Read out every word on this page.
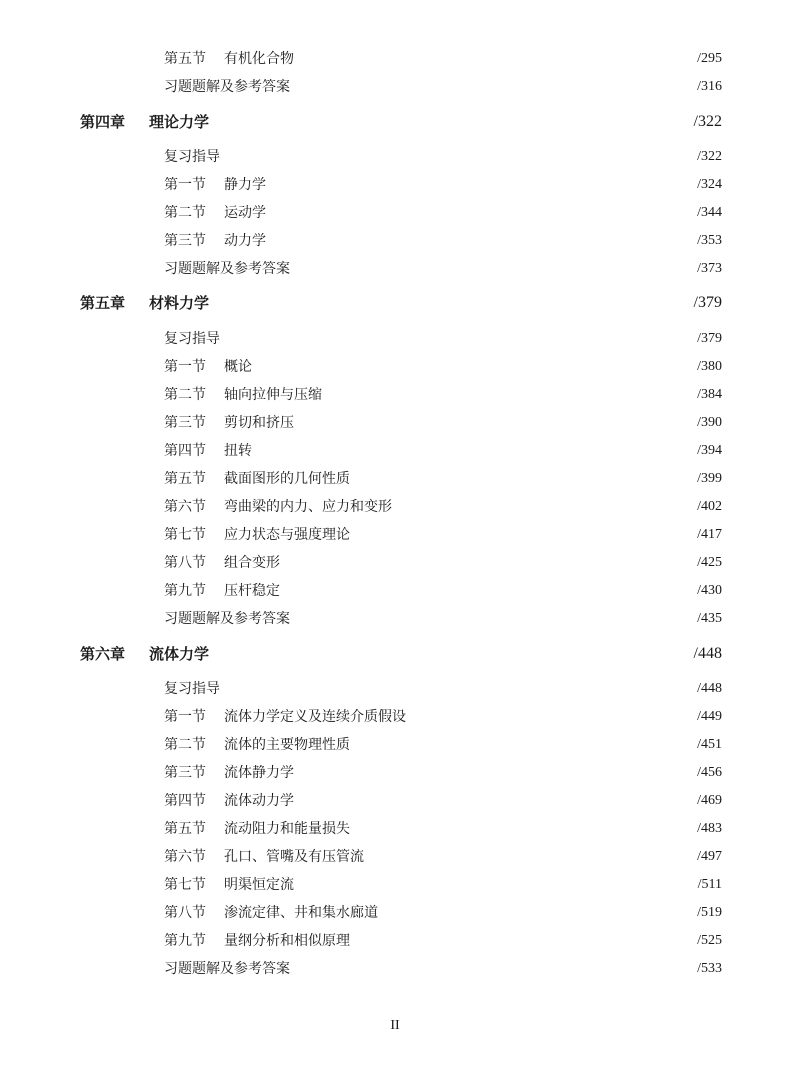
第五节 有机化合物	/295
习题题解及参考答案	/316
第四章 理论力学	/322
复习指导	/322
第一节 静力学	/324
第二节 运动学	/344
第三节 动力学	/353
习题题解及参考答案	/373
第五章 材料力学	/379
复习指导	/379
第一节 概论	/380
第二节 轴向拉伸与压缩	/384
第三节 剪切和挤压	/390
第四节 扭转	/394
第五节 截面图形的几何性质	/399
第六节 弯曲梁的内力、应力和变形	/402
第七节 应力状态与强度理论	/417
第八节 组合变形	/425
第九节 压杆稳定	/430
习题题解及参考答案	/435
第六章 流体力学	/448
复习指导	/448
第一节 流体力学定义及连续介质假设	/449
第二节 流体的主要物理性质	/451
第三节 流体静力学	/456
第四节 流体动力学	/469
第五节 流动阻力和能量损失	/483
第六节 孔口、管嘴及有压管流	/497
第七节 明渠恒定流	/511
第八节 渗流定律、井和集水廊道	/519
第九节 量纲分析和相似原理	/525
习题题解及参考答案	/533
II
